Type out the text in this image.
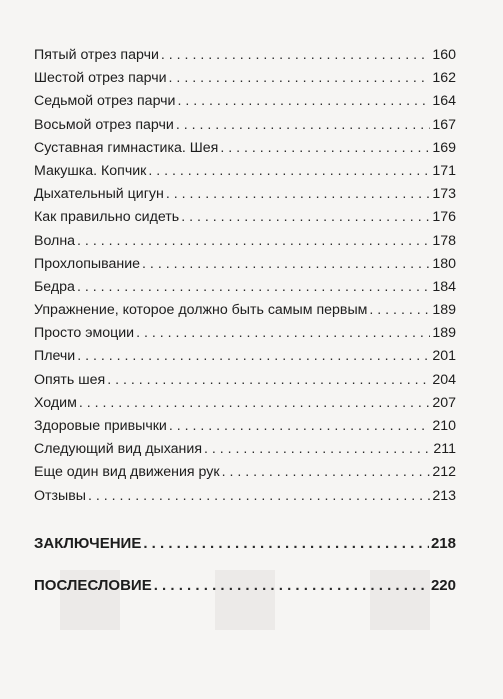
Пятый отрез парчи . . .	160
Шестой отрез парчи . . .	162
Седьмой отрез парчи . . .	164
Восьмой отрез парчи . . .	167
Суставная гимнастика. Шея . . .	169
Макушка. Копчик . . .	171
Дыхательный цигун . . .	173
Как правильно сидеть . . .	176
Волна . . .	178
Прохлопывание . . .	180
Бедра . . .	184
Упражнение, которое должно быть самым первым . . .	189
Просто эмоции . . .	189
Плечи . . .	201
Опять шея . . .	204
Ходим . . .	207
Здоровые привычки . . .	210
Следующий вид дыхания . . .	211
Еще один вид движения рук . . .	212
Отзывы . . .	213
ЗАКЛЮЧЕНИЕ . . .	218
ПОСЛЕСЛОВИЕ . . .	220
